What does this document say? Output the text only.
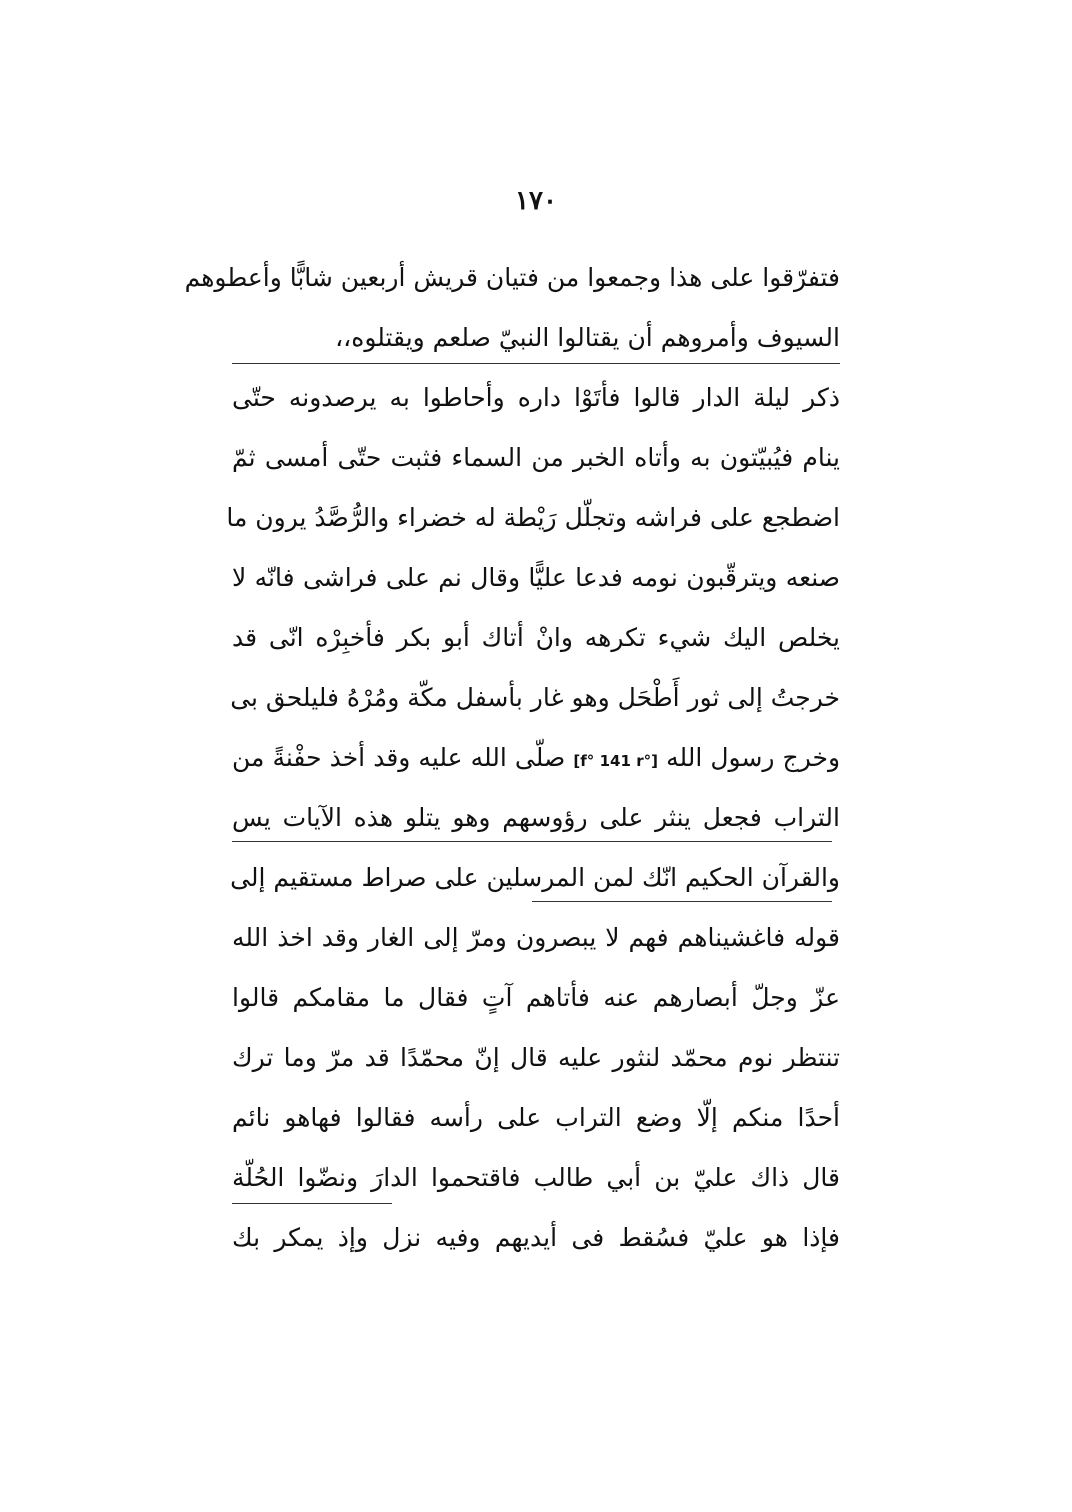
١٧٠
فتفرّقوا على هذا وجمعوا من فتيان قريش أربعين شابًّا وأعطوهم
السيوف وأمروهم أن يقتالوا النبيّ صلعم ويقتلوه،،
ذكر ليلة الدار قالوا فأتَوْا داره وأحاطوا به يرصدونه حتّى
ينام فيُبيّتون به وأتاه الخبر من السماء فثبت حتّى أمسى ثمّ
اضطجع على فراشه وتجلّل رَيْطة له خضراء والرُّصَّدُ يرون ما
صنعه ويترقّبون نومه فدعا عليًّا وقال نم على فراشى فانّه لا
يخلص اليك شيء تكرهه وانْ أتاك أبو بكر فأخبِرْه انّى قد
خرجتُ إلى ثور أَطْحَل وهو غار بأسفل مكّة ومُرْهُ فليلحق بى
وخرج رسول الله [f° 141 r°] صلّى الله عليه وقد أخذ حفْنةً من
التراب فجعل ينثر على رؤوسهم وهو يتلو هذه الآيات يس
والقرآن الحكيم انّك لمن المرسلين على صراط مستقيم إلى
قوله فاغشيناهم فهم لا يبصرون ومرّ إلى الغار وقد اخذ الله
عزّ وجلّ أبصارهم عنه فأتاهم آتٍ فقال ما مقامكم قالوا
تنتظر نوم محمّد لنثور عليه قال إنّ محمّدًا قد مرّ وما ترك
أحدًا منكم إلّا وضع التراب على رأسه فقالوا فهاهو نائم
قال ذاك عليّ بن أبي طالب فاقتحموا الدارَ ونضّوا الحُلّة
فإذا هو عليّ فسُقط فى أيديهم وفيه نزل وإذ يمكر بك
